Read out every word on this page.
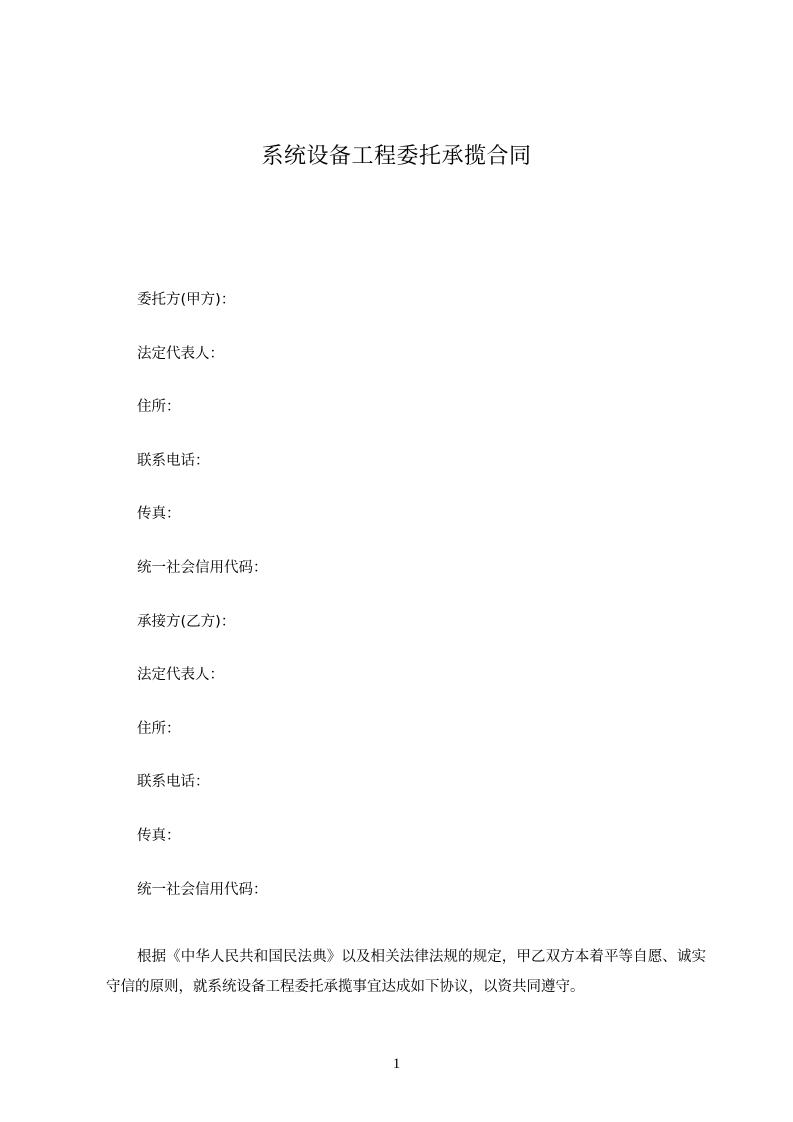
系统设备工程委托承揽合同
委托方(甲方)：
法定代表人：
住所：
联系电话：
传真：
统一社会信用代码：
承接方(乙方)：
法定代表人：
住所：
联系电话：
传真：
统一社会信用代码：

根据《中华人民共和国民法典》以及相关法律法规的规定，甲乙双方本着平等自愿、诚实守信的原则，就系统设备工程委托承揽事宜达成如下协议，以资共同遵守。

1
